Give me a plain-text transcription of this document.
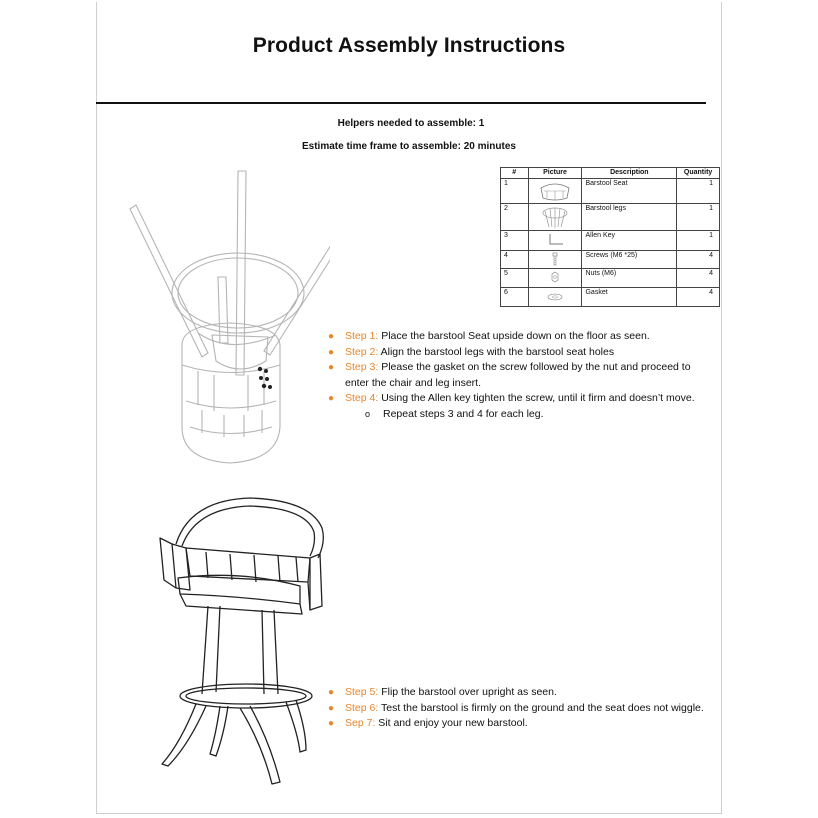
Product Assembly Instructions
Helpers needed to assemble: 1
Estimate time frame to assemble: 20 minutes
#	Picture	Description	Quantity
1		Barstool Seat	1
2		Barstool legs	1
3		Allen Key	1
4		Screws (M6 *25)	4
5		Nuts (M6)	4
6		Gasket	4
● Step 1: Place the barstool Seat upside down on the floor as seen.
● Step 2: Align the barstool legs with the barstool seat holes
● Step 3: Please the gasket on the screw followed by the nut and proceed to enter the chair and leg insert.
● Step 4: Using the Allen key tighten the screw, until it firm and doesn’t move.
o Repeat steps 3 and 4 for each leg.
● Step 5: Flip the barstool over upright as seen.
● Step 6: Test the barstool is firmly on the ground and the seat does not wiggle.
● Sep 7: Sit and enjoy your new barstool.
